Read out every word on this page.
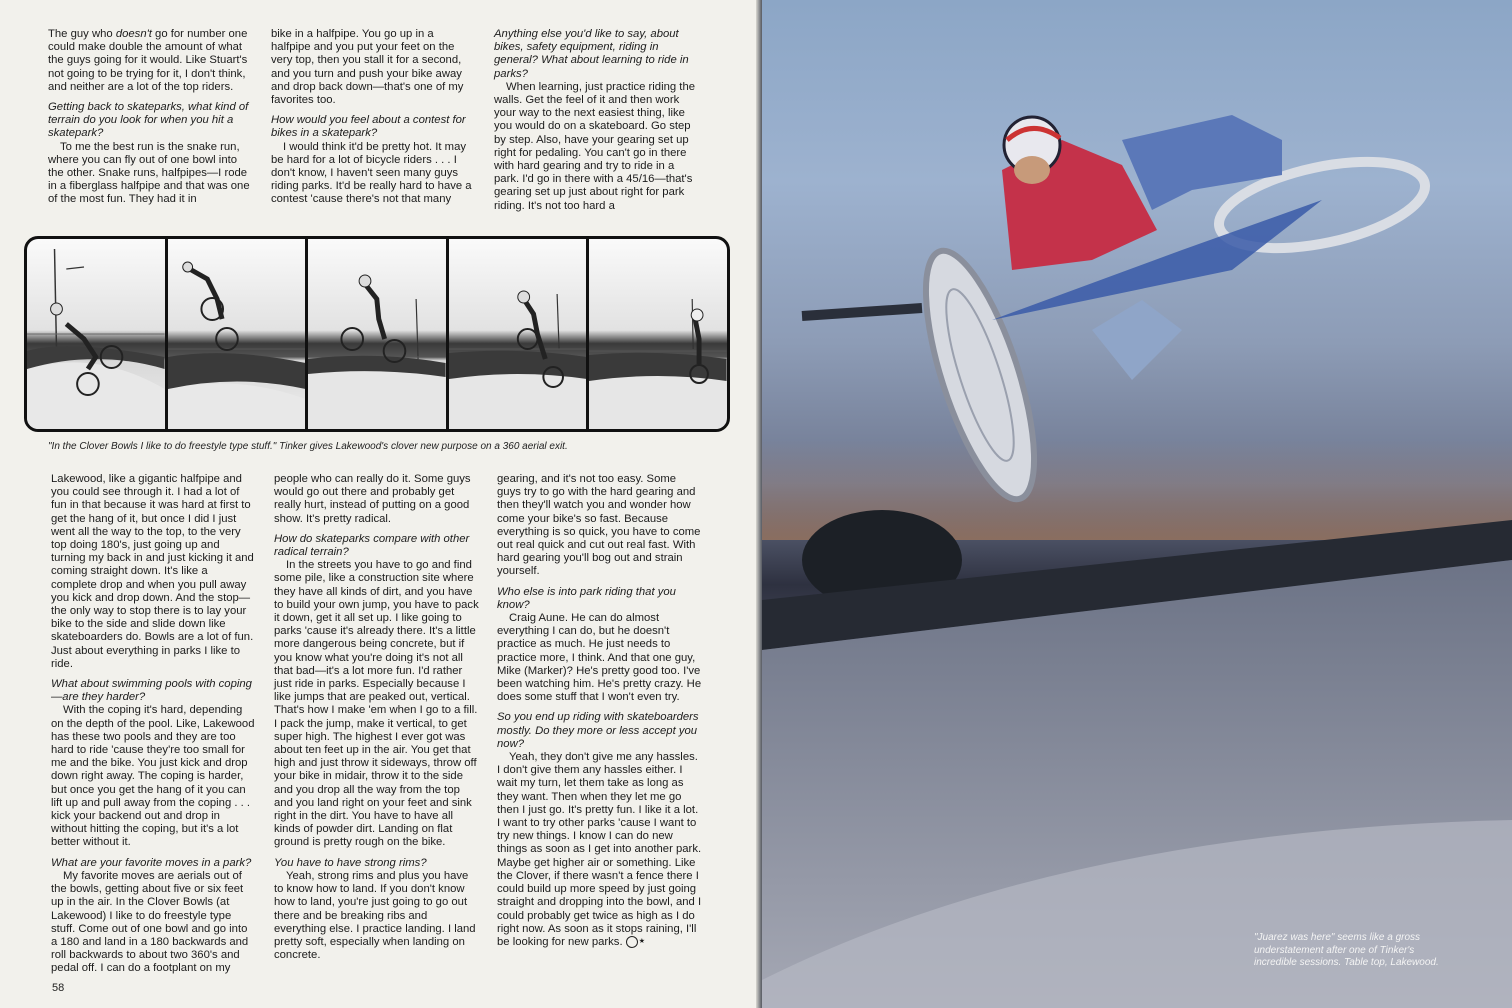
The guy who doesn't go for number one could make double the amount of what the guys going for it would. Like Stuart's not going to be trying for it, I don't think, and neither are a lot of the top riders.

Getting back to skateparks, what kind of terrain do you look for when you hit a skatepark?

To me the best run is the snake run, where you can fly out of one bowl into the other. Snake runs, halfpipes—I rode in a fiberglass halfpipe and that was one of the most fun. They had it in

bike in a halfpipe. You go up in a halfpipe and you put your feet on the very top, then you stall it for a second, and you turn and push your bike away and drop back down—that's one of my favorites too.

How would you feel about a contest for bikes in a skatepark?

I would think it'd be pretty hot. It may be hard for a lot of bicycle riders . . . I don't know, I haven't seen many guys riding parks. It'd be really hard to have a contest 'cause there's not that many

Anything else you'd like to say, about bikes, safety equipment, riding in general? What about learning to ride in parks?

When learning, just practice riding the walls. Get the feel of it and then work your way to the next easiest thing, like you would do on a skateboard. Go step by step. Also, have your gearing set up right for pedaling. You can't go in there with hard gearing and try to ride in a park. I'd go in there with a 45/16—that's gearing set up just about right for park riding. It's not too hard a

"In the Clover Bowls I like to do freestyle type stuff." Tinker gives Lakewood's clover new purpose on a 360 aerial exit.

Lakewood, like a gigantic halfpipe and you could see through it. I had a lot of fun in that because it was hard at first to get the hang of it, but once I did I just went all the way to the top, to the very top doing 180's, just going up and turning my back in and just kicking it and coming straight down. It's like a complete drop and when you pull away you kick and drop down. And the stop—the only way to stop there is to lay your bike to the side and slide down like skateboarders do. Bowls are a lot of fun. Just about everything in parks I like to ride.

What about swimming pools with coping—are they harder?

With the coping it's hard, depending on the depth of the pool. Like, Lakewood has these two pools and they are too hard to ride 'cause they're too small for me and the bike. You just kick and drop down right away. The coping is harder, but once you get the hang of it you can lift up and pull away from the coping . . . kick your backend out and drop in without hitting the coping, but it's a lot better without it.

What are your favorite moves in a park?

My favorite moves are aerials out of the bowls, getting about five or six feet up in the air. In the Clover Bowls (at Lakewood) I like to do freestyle type stuff. Come out of one bowl and go into a 180 and land in a 180 backwards and roll backwards to about two 360's and pedal off. I can do a footplant on my

people who can really do it. Some guys would go out there and probably get really hurt, instead of putting on a good show. It's pretty radical.

How do skateparks compare with other radical terrain?

In the streets you have to go and find some pile, like a construction site where they have all kinds of dirt, and you have to build your own jump, you have to pack it down, get it all set up. I like going to parks 'cause it's already there. It's a little more dangerous being concrete, but if you know what you're doing it's not all that bad—it's a lot more fun. I'd rather just ride in parks. Especially because I like jumps that are peaked out, vertical. That's how I make 'em when I go to a fill. I pack the jump, make it vertical, to get super high. The highest I ever got was about ten feet up in the air. You get that high and just throw it sideways, throw off your bike in midair, throw it to the side and you drop all the way from the top and you land right on your feet and sink right in the dirt. You have to have all kinds of powder dirt. Landing on flat ground is pretty rough on the bike.

You have to have strong rims?

Yeah, strong rims and plus you have to know how to land. If you don't know how to land, you're just going to go out there and be breaking ribs and everything else. I practice landing. I land pretty soft, especially when landing on concrete.

gearing, and it's not too easy. Some guys try to go with the hard gearing and then they'll watch you and wonder how come your bike's so fast. Because everything is so quick, you have to come out real quick and cut out real fast. With hard gearing you'll bog out and strain yourself.

Who else is into park riding that you know?

Craig Aune. He can do almost everything I can do, but he doesn't practice as much. He just needs to practice more, I think. And that one guy, Mike (Marker)? He's pretty good too. I've been watching him. He's pretty crazy. He does some stuff that I won't even try.

So you end up riding with skateboarders mostly. Do they more or less accept you now?

Yeah, they don't give me any hassles. I don't give them any hassles either. I wait my turn, let them take as long as they want. Then when they let me go then I just go. It's pretty fun. I like it a lot. I want to try other parks 'cause I want to try new things. I know I can do new things as soon as I get into another park. Maybe get higher air or something. Like the Clover, if there wasn't a fence there I could build up more speed by just going straight and dropping into the bowl, and I could probably get twice as high as I do right now. As soon as it stops raining, I'll be looking for new parks. ★

58

"Juarez was here" seems like a gross understatement after one of Tinker's incredible sessions. Table top, Lakewood.
